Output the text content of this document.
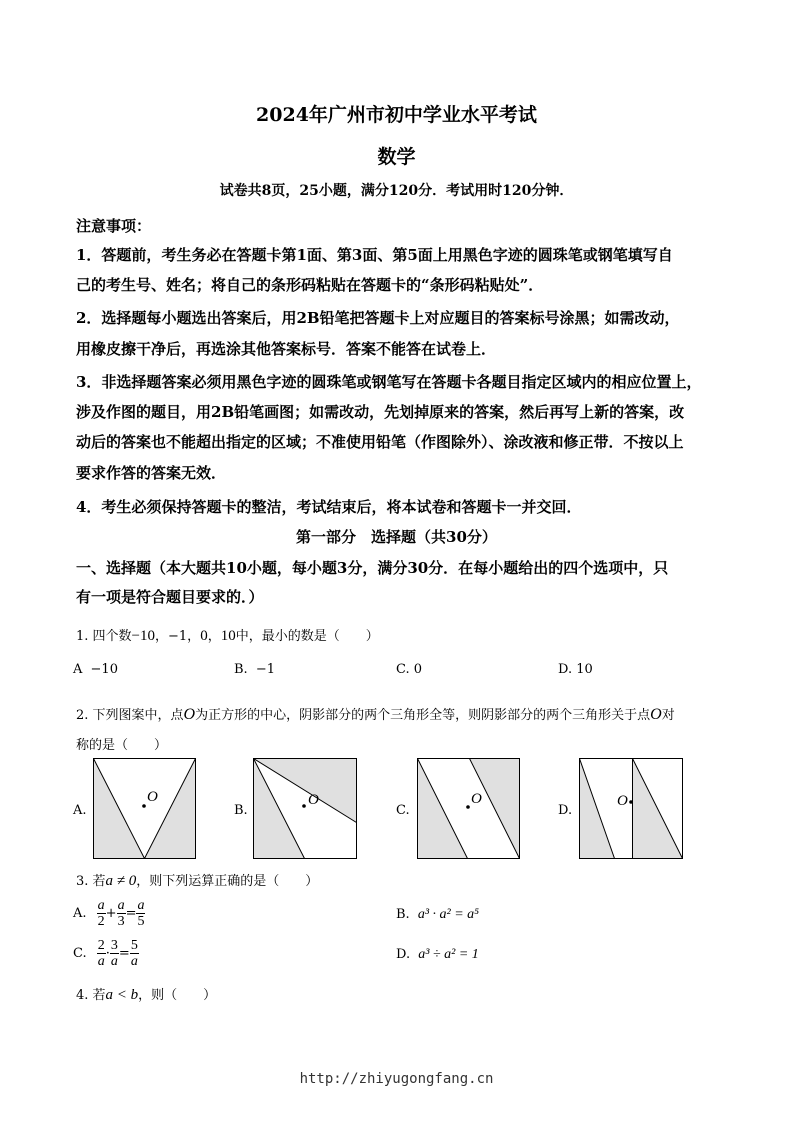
2024年广州市初中学业水平考试
数学
试卷共8页，25小题，满分120分．考试用时120分钟．
注意事项：
1．答题前，考生务必在答题卡第1面、第3面、第5面上用黑色字迹的圆珠笔或钢笔填写自
己的考生号、姓名；将自己的条形码粘贴在答题卡的“条形码粘贴处”．
2．选择题每小题选出答案后，用2B铅笔把答题卡上对应题目的答案标号涂黑；如需改动，
用橡皮擦干净后，再选涂其他答案标号．答案不能答在试卷上．
3．非选择题答案必须用黑色字迹的圆珠笔或钢笔写在答题卡各题目指定区域内的相应位置上，
涉及作图的题目，用2B铅笔画图；如需改动，先划掉原来的答案，然后再写上新的答案，改
动后的答案也不能超出指定的区域；不准使用铅笔（作图除外）、涂改液和修正带．不按以上
要求作答的答案无效．
4．考生必须保持答题卡的整洁，考试结束后，将本试卷和答题卡一并交回．
第一部分　选择题（共30分）
一、选择题（本大题共10小题，每小题3分，满分30分．在每小题给出的四个选项中，只
有一项是符合题目要求的．）
1. 四个数−10，−1，0，10中，最小的数是（　　）
A −10	B. −1	C. 0	D. 10
2. 下列图案中，点O为正方形的中心，阴影部分的两个三角形全等，则阴影部分的两个三角形关于点O对
称的是（　　）
A.
O
B.
O
C.
O
D.
O
3. 若a ≠ 0，则下列运算正确的是（　　）
A. $\frac{a}{2} + \frac{a}{3} = \frac{a}{5}$	B. a³ · a² = a⁵
C. $\frac{2}{a} \cdot \frac{3}{a} = \frac{5}{a}$	D. a³ ÷ a² = 1
4. 若a < b，则（　　）
http://zhiyugongfang.cn
